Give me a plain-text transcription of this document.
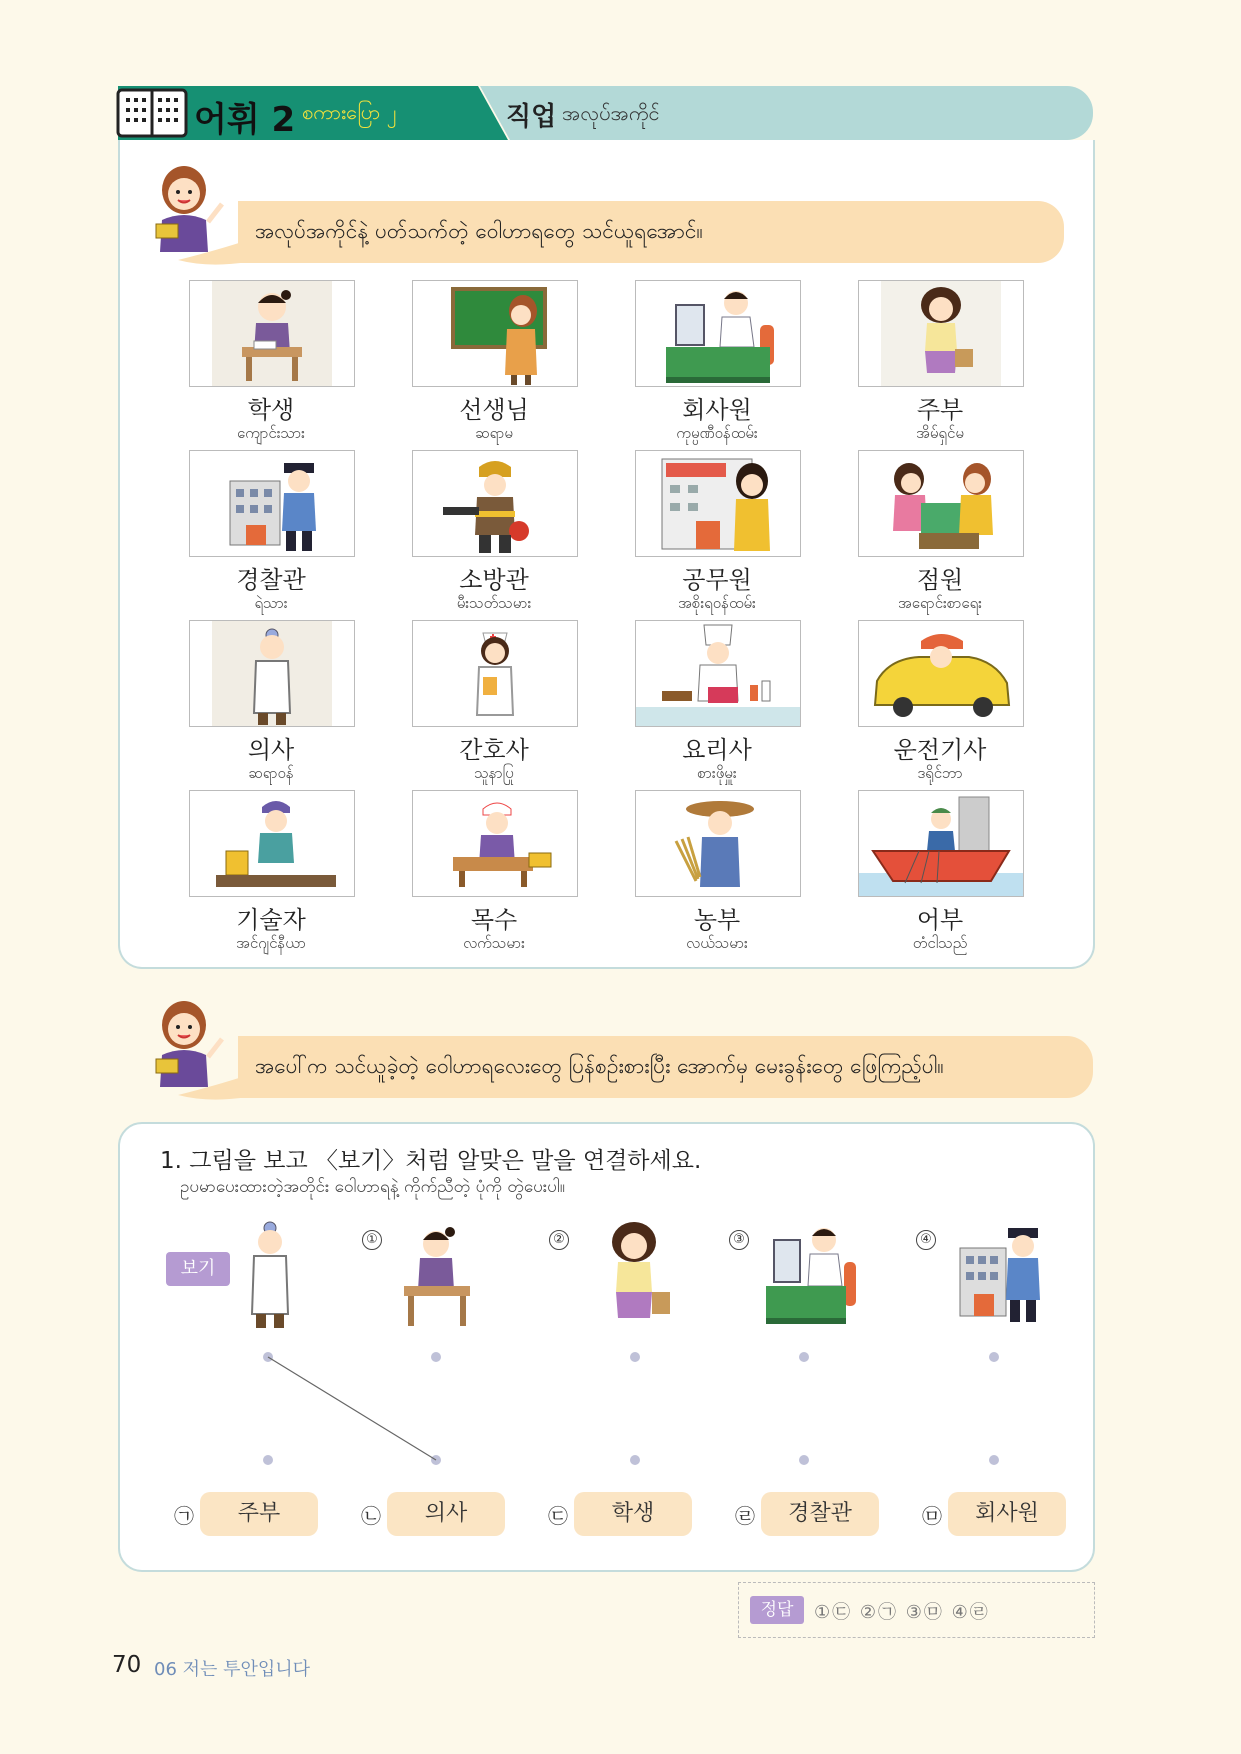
어휘 2 စကားပြော ၂	직업 အလုပ်အကိုင်
အလုပ်အကိုင်နဲ့ ပတ်သက်တဲ့ ဝေါဟာရတွေ သင်ယူရအောင်။
학생
ကျောင်းသား
선생님
ဆရာမ
회사원
ကုမ္ပဏီဝန်ထမ်း
주부
အိမ်ရှင်မ
경찰관
ရဲသား
소방관
မီးသတ်သမား
공무원
အစိုးရဝန်ထမ်း
점원
အရောင်းစာရေး
의사
ဆရာဝန်
간호사
သူနာပြု
요리사
စားဖိုမှူး
운전기사
ဒရိုင်ဘာ
기술자
အင်ဂျင်နီယာ
목수
လက်သမား
농부
လယ်သမား
어부
တံငါသည်
အပေါ်က သင်ယူခဲ့တဲ့ ဝေါဟာရလေးတွေ ပြန်စဉ်းစားပြီး အောက်မှ မေးခွန်းတွေ ဖြေကြည့်ပါ။
1. 그림을 보고 〈보기〉처럼 알맞은 말을 연결하세요.
ဥပမာပေးထားတဲ့အတိုင်း ဝေါဟာရနဲ့ ကိုက်ညီတဲ့ ပုံကို တွဲပေးပါ။
보기
①	②	③	④
㉠	주부	㉡	의사	㉢	학생	㉣	경찰관	㉤	회사원
정답	①㉢ ②㉠ ③㉤ ④㉣
70 06 저는 투안입니다
